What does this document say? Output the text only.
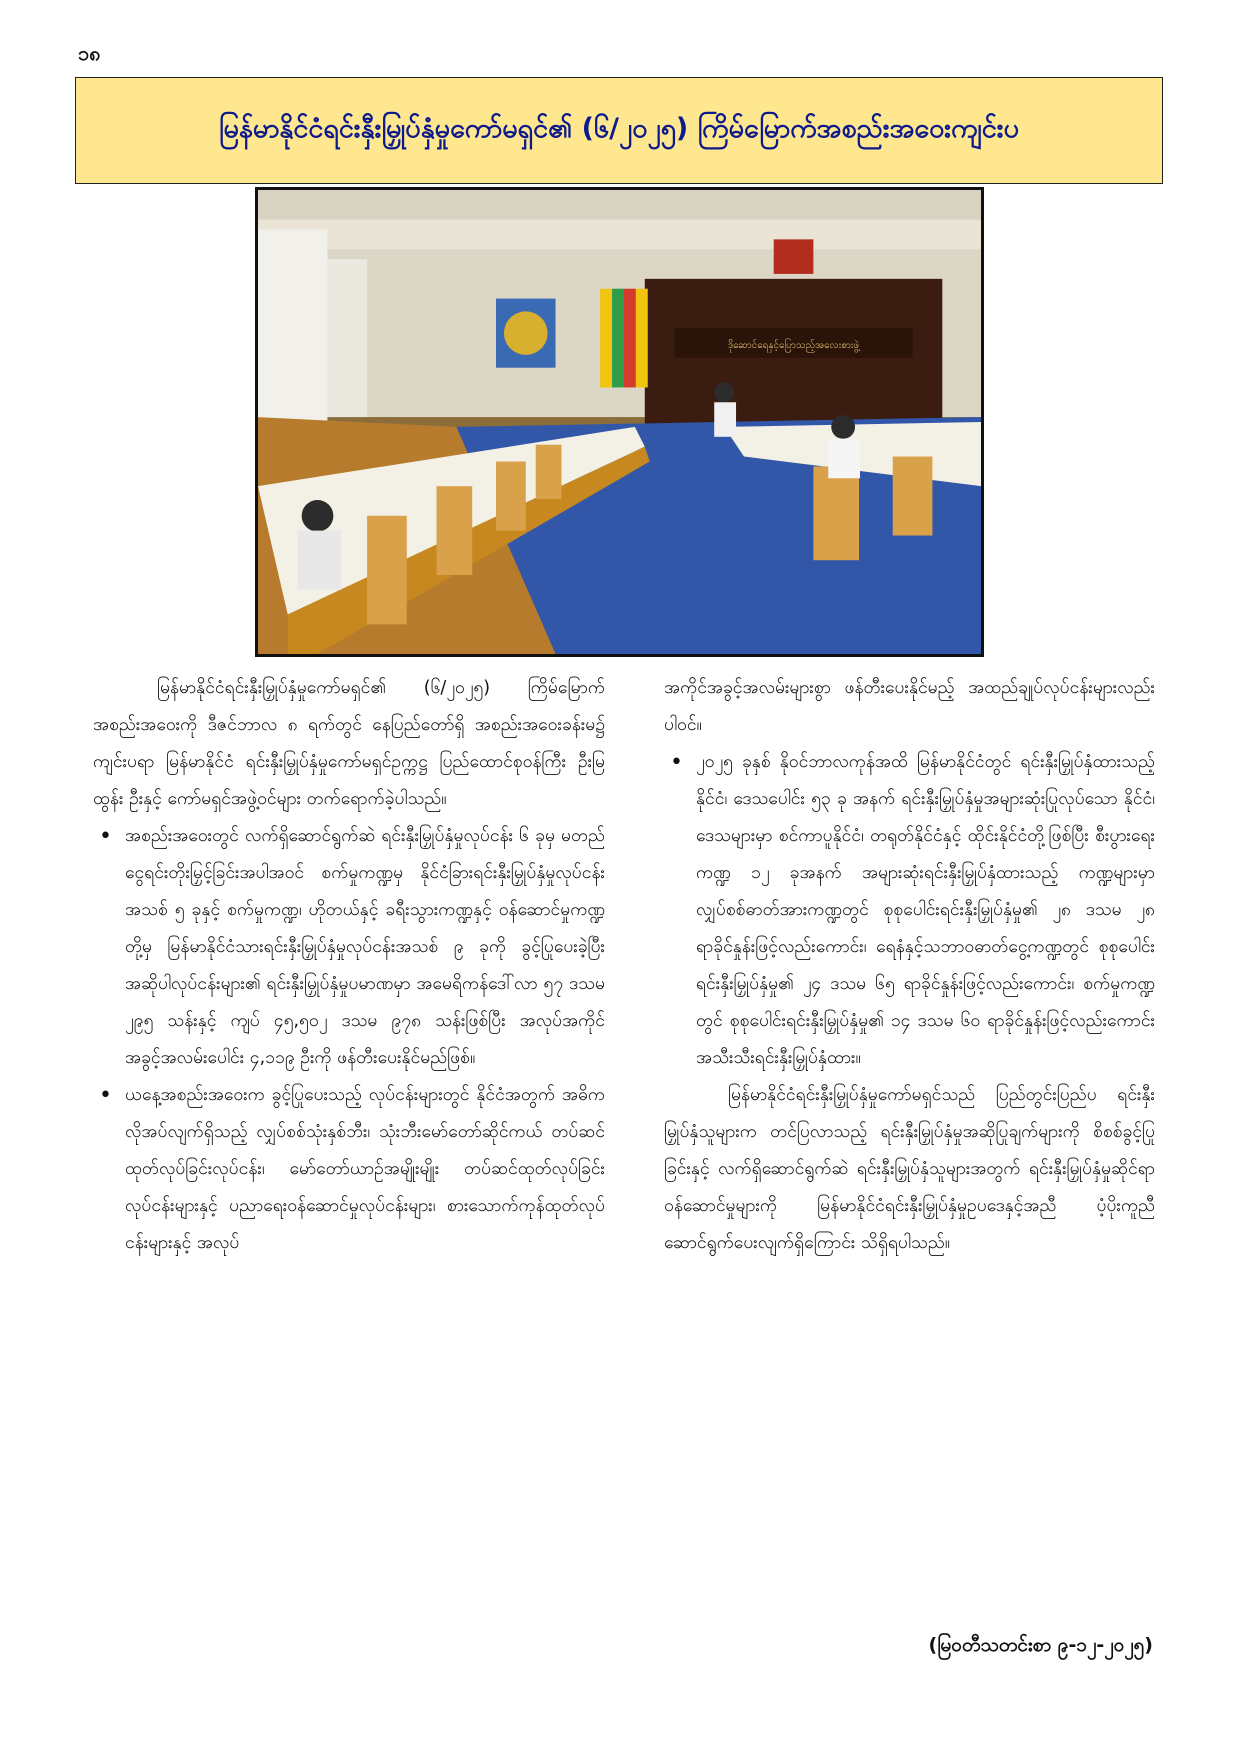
၁၈
မြန်မာနိုင်ငံရင်းနှီးမြှုပ်နှံမှုကော်မရှင်၏ (၆/၂၀၂၅) ကြိမ်မြောက်အစည်းအဝေးကျင်းပ
ဒိုဆောင်ရေနှင့်ပြောသည့်အလေးစားဖွဲ့

မြန်မာနိုင်ငံရင်းနှီးမြှုပ်နှံမှုကော်မရှင်၏ (၆/၂၀၂၅) ကြိမ်မြောက် အစည်းအဝေးကို ဒီဇင်ဘာလ ၈ ရက်တွင် နေပြည်တော်ရှိ အစည်းအဝေးခန်းမ၌ ကျင်းပရာ မြန်မာနိုင်ငံ ရင်းနှီးမြှုပ်နှံမှုကော်မရှင်ဥက္ကဋ္ဌ ပြည်ထောင်စုဝန်ကြီး ဦးမြထွန်း ဦးနှင့် ကော်မရှင်အဖွဲ့ဝင်များ တက်ရောက်ခဲ့ပါသည်။

• အစည်းအဝေးတွင် လက်ရှိဆောင်ရွက်ဆဲ ရင်းနှီးမြှုပ်နှံမှုလုပ်ငန်း ၆ ခုမှ မတည်ငွေရင်းတိုးမြှင့်ခြင်းအပါအဝင် စက်မှုကဏ္ဍမှ နိုင်ငံခြားရင်းနှီးမြှုပ်နှံမှုလုပ်ငန်းအသစ် ၅ ခုနှင့် စက်မှုကဏ္ဍ၊ ဟိုတယ်နှင့် ခရီးသွားကဏ္ဍနှင့် ဝန်ဆောင်မှုကဏ္ဍတို့မှ မြန်မာနိုင်ငံသားရင်းနှီးမြှုပ်နှံမှုလုပ်ငန်းအသစ် ၉ ခုကို ခွင့်ပြုပေးခဲ့ပြီး အဆိုပါလုပ်ငန်းများ၏ ရင်းနှီးမြှုပ်နှံမှုပမာဏမှာ အမေရိကန်ဒေါ်လာ ၅၇ ဒသမ ၂၉၅ သန်းနှင့် ကျပ် ၄၅,၅၀၂ ဒသမ ၉၇၈ သန်းဖြစ်ပြီး အလုပ်အကိုင်အခွင့်အလမ်းပေါင်း ၄,၁၁၉ ဦးကို ဖန်တီးပေးနိုင်မည်ဖြစ်။

• ယနေ့အစည်းအဝေးက ခွင့်ပြုပေးသည့် လုပ်ငန်းများတွင် နိုင်ငံအတွက် အဓိကလိုအပ်လျက်ရှိသည့် လျှပ်စစ်သုံးနှစ်ဘီး၊ သုံးဘီးမော်တော်ဆိုင်ကယ် တပ်ဆင်ထုတ်လုပ်ခြင်းလုပ်ငန်း၊ မော်တော်ယာဉ်အမျိုးမျိုး တပ်ဆင်ထုတ်လုပ်ခြင်းလုပ်ငန်းများနှင့် ပညာရေးဝန်ဆောင်မှုလုပ်ငန်းများ၊ စားသောက်ကုန်ထုတ်လုပ်ငန်းများနှင့် အလုပ်

အကိုင်အခွင့်အလမ်းများစွာ ဖန်တီးပေးနိုင်မည့် အထည်ချုပ်လုပ်ငန်းများလည်း ပါဝင်။

• ၂၀၂၅ ခုနှစ် နိုဝင်ဘာလကုန်အထိ မြန်မာနိုင်ငံတွင် ရင်းနှီးမြှုပ်နှံထားသည့် နိုင်ငံ၊ ဒေသပေါင်း ၅၃ ခု အနက် ရင်းနှီးမြှုပ်နှံမှုအများဆုံးပြုလုပ်သော နိုင်ငံ၊ ဒေသများမှာ စင်ကာပူနိုင်ငံ၊ တရုတ်နိုင်ငံနှင့် ထိုင်းနိုင်ငံတို့ဖြစ်ပြီး စီးပွားရေးကဏ္ဍ ၁၂ ခုအနက် အများဆုံးရင်းနှီးမြှုပ်နှံထားသည့် ကဏ္ဍများမှာ လျှပ်စစ်ဓာတ်အားကဏ္ဍတွင် စုစုပေါင်းရင်းနှီးမြှုပ်နှံမှု၏ ၂၈ ဒသမ ၂၈ ရာခိုင်နှုန်းဖြင့်လည်းကောင်း၊ ရေနံနှင့်သဘာဝဓာတ်ငွေ့ကဏ္ဍတွင် စုစုပေါင်းရင်းနှီးမြှုပ်နှံမှု၏ ၂၄ ဒသမ ၆၅ ရာခိုင်နှုန်းဖြင့်လည်းကောင်း၊ စက်မှုကဏ္ဍတွင် စုစုပေါင်းရင်းနှီးမြှုပ်နှံမှု၏ ၁၄ ဒသမ ၆၀ ရာခိုင်နှုန်းဖြင့်လည်းကောင်း အသီးသီးရင်းနှီးမြှုပ်နှံထား။

မြန်မာနိုင်ငံရင်းနှီးမြှုပ်နှံမှုကော်မရှင်သည် ပြည်တွင်းပြည်ပ ရင်းနှီးမြှုပ်နှံသူများက တင်ပြလာသည့် ရင်းနှီးမြှုပ်နှံမှုအဆိုပြုချက်များကို စိစစ်ခွင့်ပြုခြင်းနှင့် လက်ရှိဆောင်ရွက်ဆဲ ရင်းနှီးမြှုပ်နှံသူများအတွက် ရင်းနှီးမြှုပ်နှံမှုဆိုင်ရာ ဝန်ဆောင်မှုများကို မြန်မာနိုင်ငံရင်းနှီးမြှုပ်နှံမှုဥပဒေနှင့်အညီ ပံ့ပိုးကူညီဆောင်ရွက်ပေးလျက်ရှိကြောင်း သိရှိရပါသည်။

(မြဝတီသတင်းစာ ၉-၁၂-၂၀၂၅)
